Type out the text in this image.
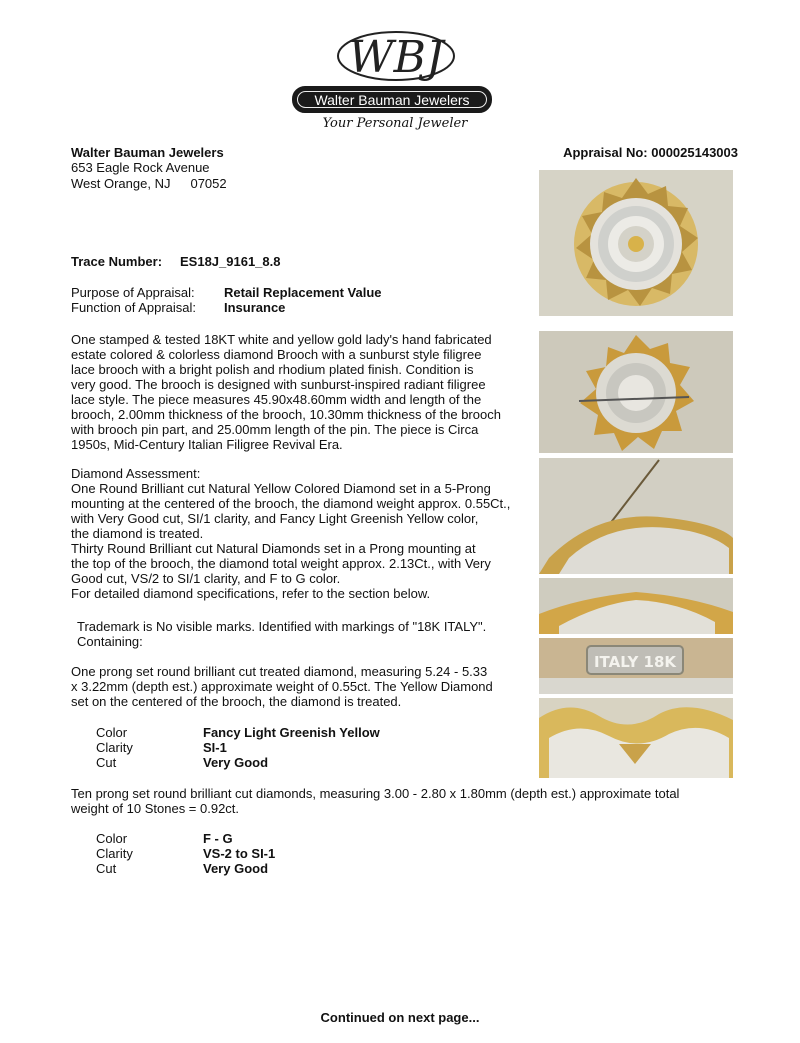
WBJ
Walter Bauman Jewelers
Your Personal Jeweler
Walter Bauman Jewelers
653 Eagle Rock Avenue
West Orange, NJ 07052
Appraisal No: 000025143003
Trace Number: ES18J_9161_8.8
Purpose of Appraisal: Retail Replacement Value
Function of Appraisal: Insurance

One stamped & tested 18KT white and yellow gold lady's hand fabricated

estate colored & colorless diamond Brooch with a sunburst style filigree

lace brooch with a bright polish and rhodium plated finish. Condition is

very good. The brooch is designed with sunburst-inspired radiant filigree

lace style. The piece measures 45.90x48.60mm width and length of the

brooch, 2.00mm thickness of the brooch, 10.30mm thickness of the brooch

with brooch pin part, and 25.00mm length of the pin. The piece is Circa

1950s, Mid-Century Italian Filigree Revival Era.

Diamond Assessment:

One Round Brilliant cut Natural Yellow Colored Diamond set in a 5-Prong

mounting at the centered of the brooch, the diamond weight approx. 0.55Ct.,

with Very Good cut, SI/1 clarity, and Fancy Light Greenish Yellow color,

the diamond is treated.

Thirty Round Brilliant cut Natural Diamonds set in a Prong mounting at

the top of the brooch, the diamond total weight approx. 2.13Ct., with Very

Good cut, VS/2 to SI/1 clarity, and F to G color.

For detailed diamond specifications, refer to the section below.

Trademark is No visible marks. Identified with markings of "18K ITALY".

Containing:

One prong set round brilliant cut treated diamond, measuring 5.24 - 5.33

x 3.22mm (depth est.) approximate weight of 0.55ct. The Yellow Diamond

set on the centered of the brooch, the diamond is treated.

Color	Fancy Light Greenish Yellow
Clarity	SI-1
Cut	Very Good

Ten prong set round brilliant cut diamonds, measuring 3.00 - 2.80 x 1.80mm (depth est.) approximate total

weight of 10 Stones = 0.92ct.

Color	F - G
Clarity	VS-2 to SI-1
Cut	Very Good
Continued on next page...
ITALY 18K
